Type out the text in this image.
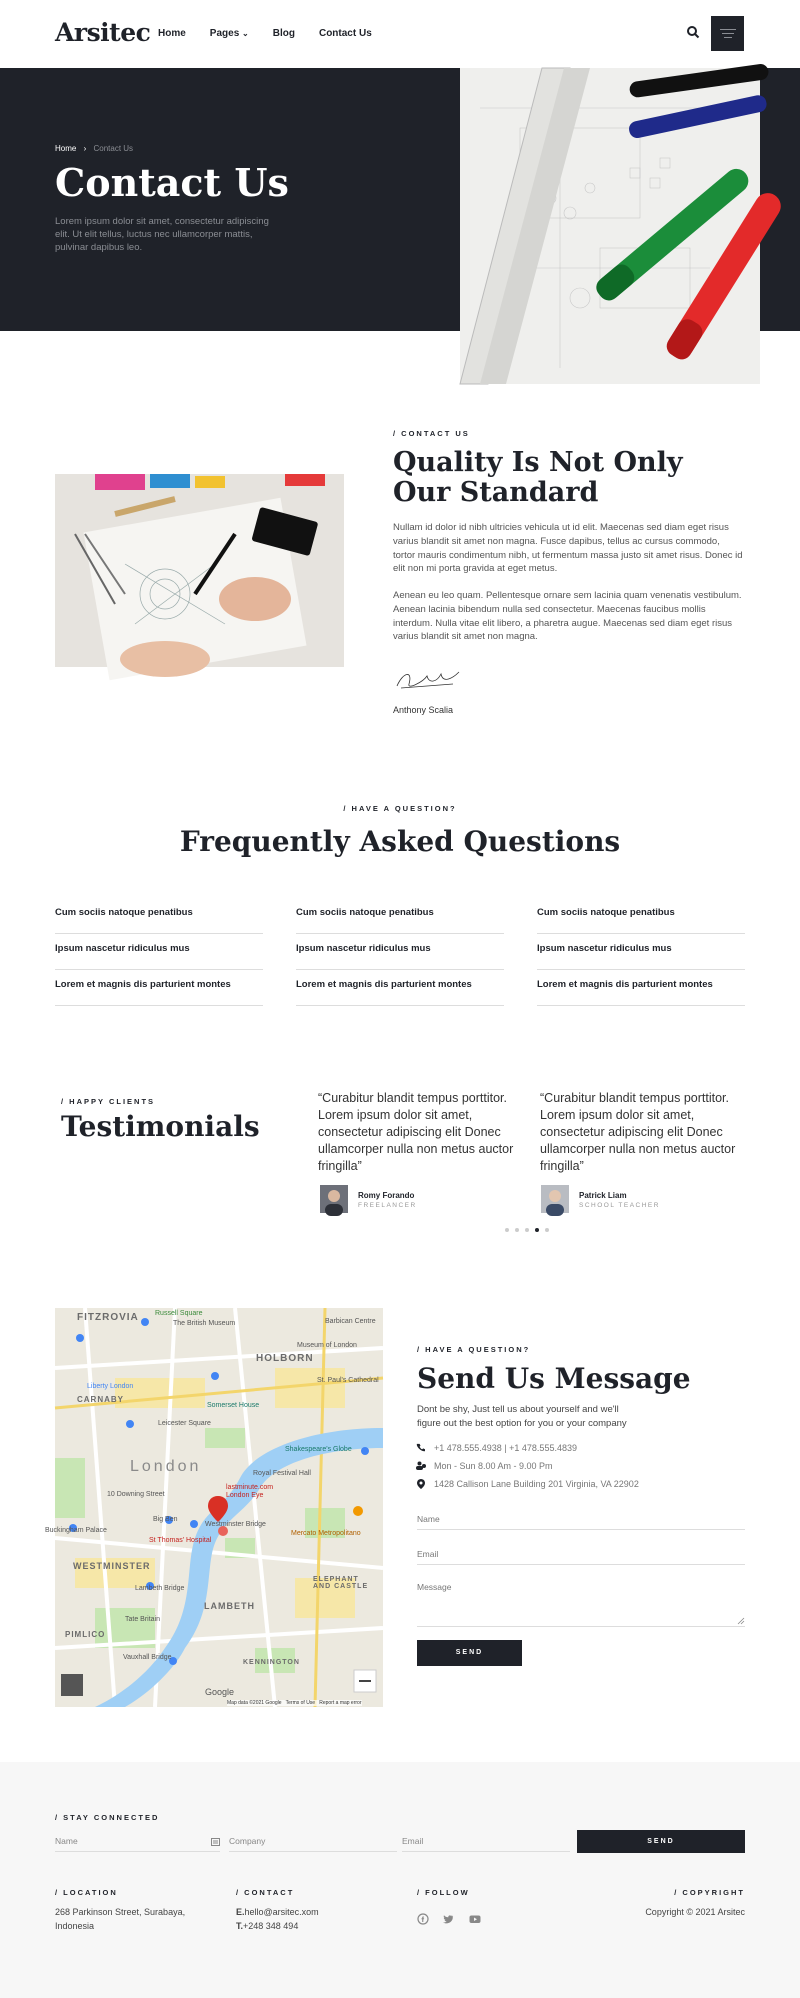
Arsitec Home Pages ⌄ Blog Contact Us
Home › Contact Us
Contact Us
Lorem ipsum dolor sit amet, consectetur adipiscing elit. Ut elit tellus, luctus nec ullamcorper mattis, pulvinar dapibus leo.
/ CONTACT US
Quality Is Not Only Our Standard
Nullam id dolor id nibh ultricies vehicula ut id elit. Maecenas sed diam eget risus varius blandit sit amet non magna. Fusce dapibus, tellus ac cursus commodo, tortor mauris condimentum nibh, ut fermentum massa justo sit amet risus. Donec id elit non mi porta gravida at eget metus.
Aenean eu leo quam. Pellentesque ornare sem lacinia quam venenatis vestibulum. Aenean lacinia bibendum nulla sed consectetur. Maecenas faucibus mollis interdum. Nulla vitae elit libero, a pharetra augue. Maecenas sed diam eget risus varius blandit sit amet non magna.
Anthony Scalia
/ HAVE A QUESTION?
Frequently Asked Questions
Cum sociis natoque penatibus
Ipsum nascetur ridiculus mus
Lorem et magnis dis parturient montes
Cum sociis natoque penatibus
Ipsum nascetur ridiculus mus
Lorem et magnis dis parturient montes
Cum sociis natoque penatibus
Ipsum nascetur ridiculus mus
Lorem et magnis dis parturient montes
/ HAPPY CLIENTS
Testimonials
“Curabitur blandit tempus porttitor. Lorem ipsum dolor sit amet, consectetur adipiscing elit Donec ullamcorper nulla non metus auctor fringilla”
Romy Forando
FREELANCER
“Curabitur blandit tempus porttitor. Lorem ipsum dolor sit amet, consectetur adipiscing elit Donec ullamcorper nulla non metus auctor fringilla”
Patrick Liam
SCHOOL TEACHER
FITZROVIA
HOLBORN
CARNABY
London
WESTMINSTER
LAMBETH
PIMLICO
KENNINGTON
ELEPHANT AND CASTLE
Russell Square
The British Museum	Barbican Centre
Museum of London
St. Paul's Cathedral
Liberty London
Somerset House
Leicester Square
Shakespeare's Globe
Royal Festival Hall
10 Downing Street
Big Ben
Westminster Bridge
lastminute.com London Eye
St Thomas' Hospital
Mercato Metropolitano
Lambeth Bridge
Tate Britain
Vauxhall Bridge
Buckingham Palace
Google
Map data ©2021 Google   Terms of Use   Report a map error
/ HAVE A QUESTION?
Send Us Message
Dont be shy, Just tell us about yourself and we'll figure out the best option for you or your company
+1 478.555.4938 | +1 478.555.4839
Mon - Sun 8.00 Am - 9.00 Pm
1428 Callison Lane Building 201 Virginia, VA 22902
Name
Email
Message
SEND
/ STAY CONNECTED
Name	Company	Email	SEND
/ LOCATION
268 Parkinson Street, Surabaya, Indonesia
/ CONTACT
E.hello@arsitec.xom
T.+248 348 494
/ FOLLOW	/ COPYRIGHT
Copyright © 2021 Arsitec
